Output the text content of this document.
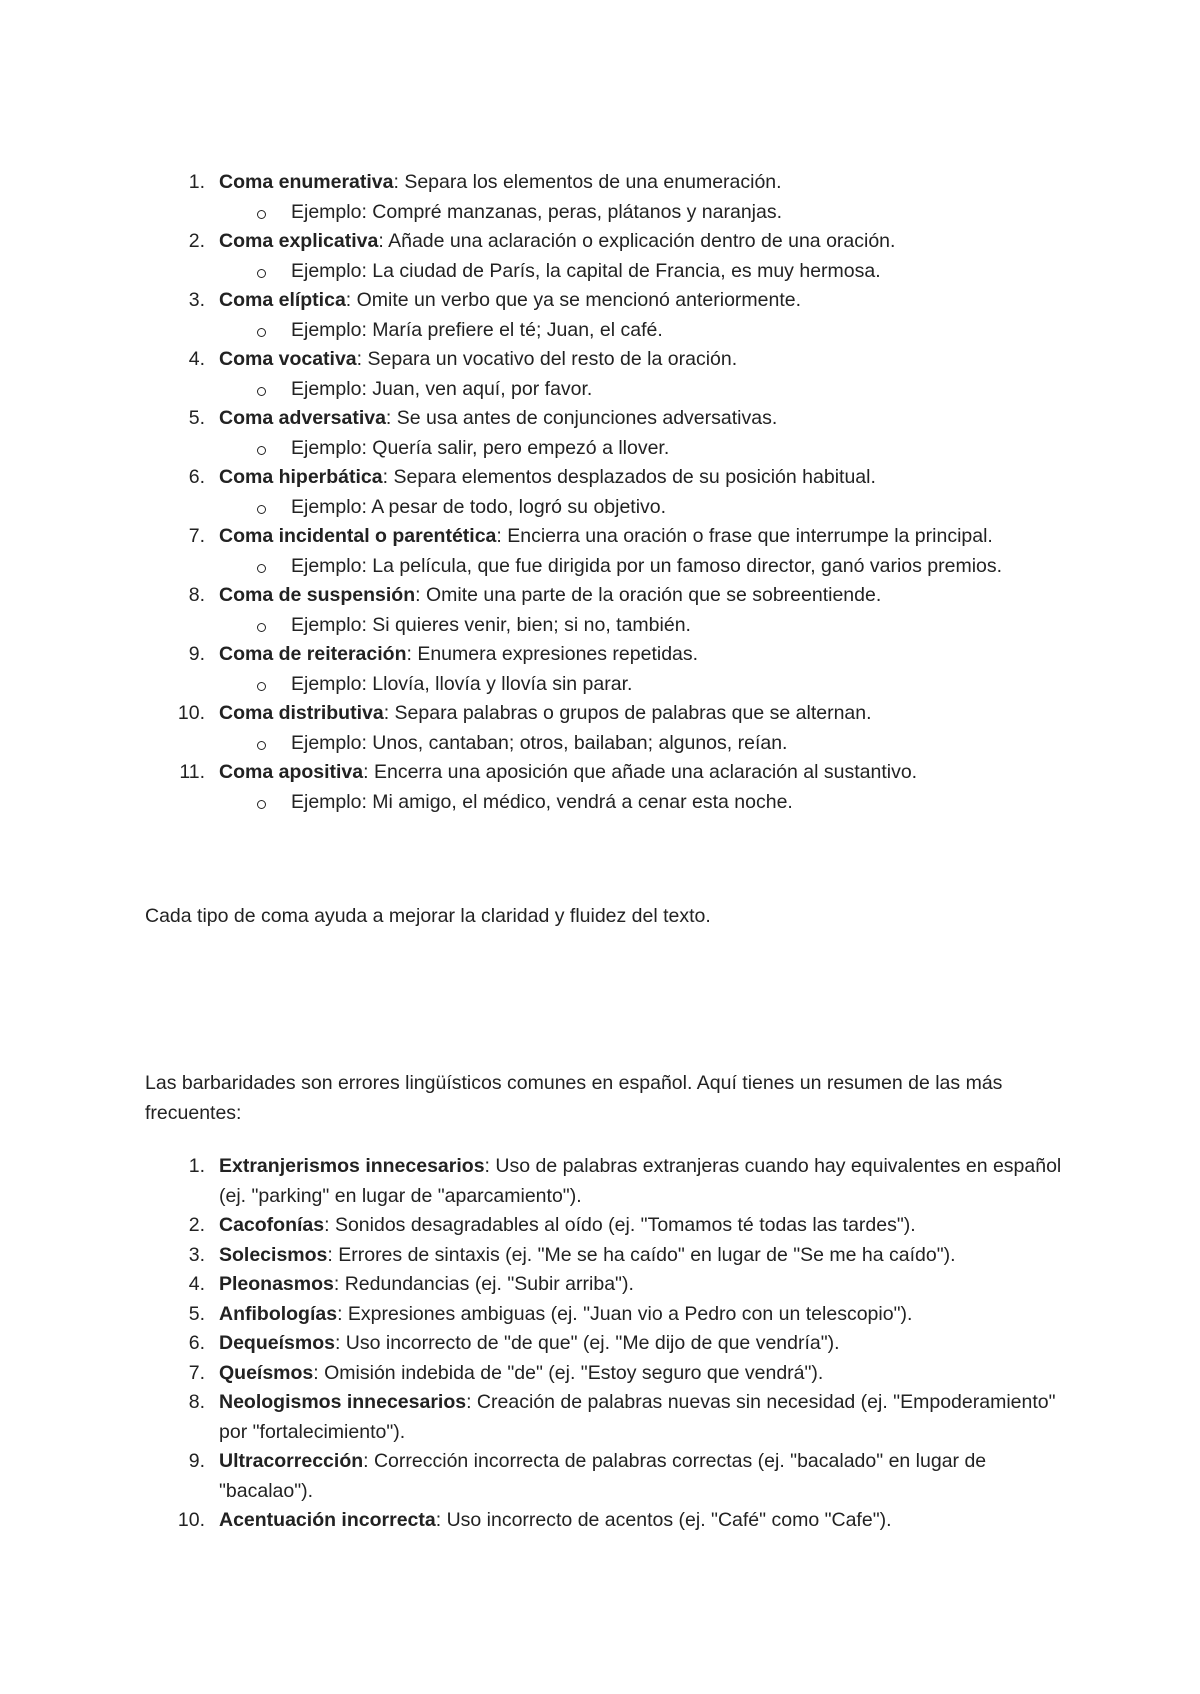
1. Coma enumerativa: Separa los elementos de una enumeración.
Ejemplo: Compré manzanas, peras, plátanos y naranjas.
2. Coma explicativa: Añade una aclaración o explicación dentro de una oración.
Ejemplo: La ciudad de París, la capital de Francia, es muy hermosa.
3. Coma elíptica: Omite un verbo que ya se mencionó anteriormente.
Ejemplo: María prefiere el té; Juan, el café.
4. Coma vocativa: Separa un vocativo del resto de la oración.
Ejemplo: Juan, ven aquí, por favor.
5. Coma adversativa: Se usa antes de conjunciones adversativas.
Ejemplo: Quería salir, pero empezó a llover.
6. Coma hiperbática: Separa elementos desplazados de su posición habitual.
Ejemplo: A pesar de todo, logró su objetivo.
7. Coma incidental o parentética: Encierra una oración o frase que interrumpe la principal.
Ejemplo: La película, que fue dirigida por un famoso director, ganó varios premios.
8. Coma de suspensión: Omite una parte de la oración que se sobreentiende.
Ejemplo: Si quieres venir, bien; si no, también.
9. Coma de reiteración: Enumera expresiones repetidas.
Ejemplo: Llovía, llovía y llovía sin parar.
10. Coma distributiva: Separa palabras o grupos de palabras que se alternan.
Ejemplo: Unos, cantaban; otros, bailaban; algunos, reían.
11. Coma apositiva: Encerra una aposición que añade una aclaración al sustantivo.
Ejemplo: Mi amigo, el médico, vendrá a cenar esta noche.

Cada tipo de coma ayuda a mejorar la claridad y fluidez del texto.

Las barbaridades son errores lingüísticos comunes en español. Aquí tienes un resumen de las más frecuentes:

1. Extranjerismos innecesarios: Uso de palabras extranjeras cuando hay equivalentes en español (ej. "parking" en lugar de "aparcamiento").
2. Cacofonías: Sonidos desagradables al oído (ej. "Tomamos té todas las tardes").
3. Solecismos: Errores de sintaxis (ej. "Me se ha caído" en lugar de "Se me ha caído").
4. Pleonasmos: Redundancias (ej. "Subir arriba").
5. Anfibologías: Expresiones ambiguas (ej. "Juan vio a Pedro con un telescopio").
6. Dequeísmos: Uso incorrecto de "de que" (ej. "Me dijo de que vendría").
7. Queísmos: Omisión indebida de "de" (ej. "Estoy seguro que vendrá").
8. Neologismos innecesarios: Creación de palabras nuevas sin necesidad (ej. "Empoderamiento" por "fortalecimiento").
9. Ultracorrección: Corrección incorrecta de palabras correctas (ej. "bacalado" en lugar de "bacalao").
10. Acentuación incorrecta: Uso incorrecto de acentos (ej. "Café" como "Cafe").
